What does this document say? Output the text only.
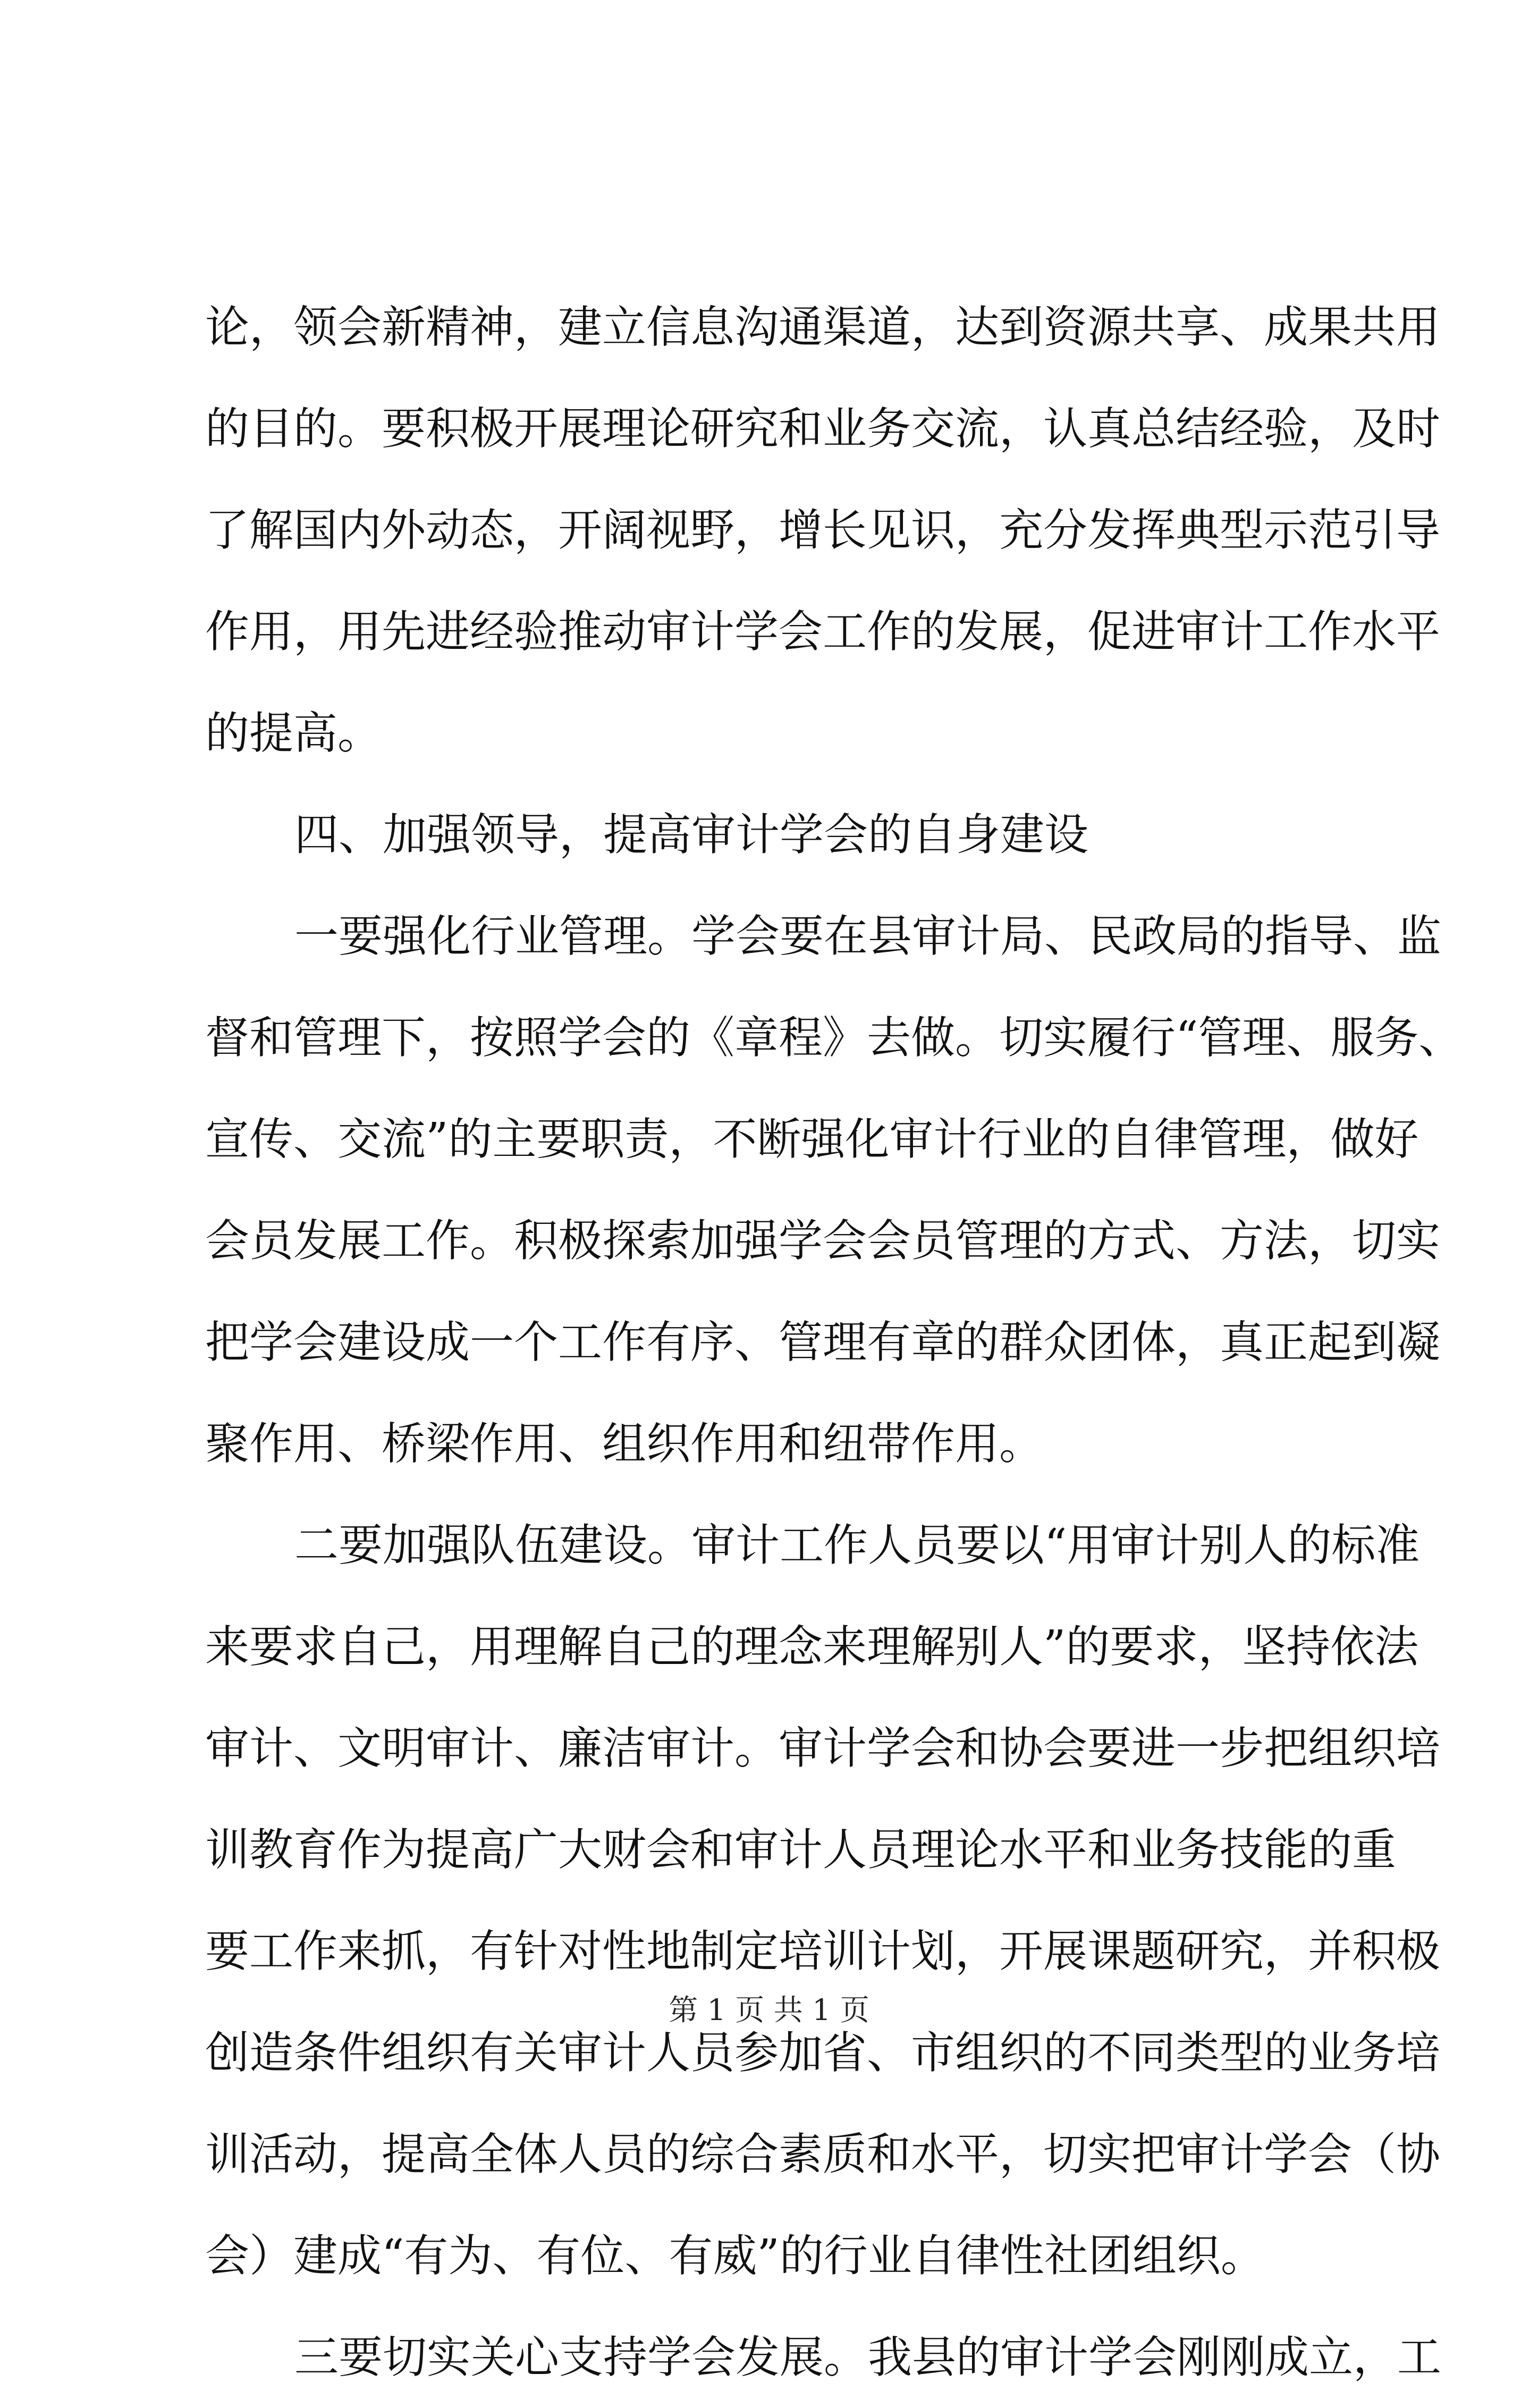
论，领会新精神，建立信息沟通渠道，达到资源共享、成果共用
的目的。要积极开展理论研究和业务交流，认真总结经验，及时
了解国内外动态，开阔视野，增长见识，充分发挥典型示范引导
作用，用先进经验推动审计学会工作的发展，促进审计工作水平
的提高。
四、加强领导，提高审计学会的自身建设
一要强化行业管理。学会要在县审计局、民政局的指导、监
督和管理下，按照学会的《章程》去做。切实履行“管理、服务、
宣传、交流”的主要职责，不断强化审计行业的自律管理，做好
会员发展工作。积极探索加强学会会员管理的方式、方法，切实
把学会建设成一个工作有序、管理有章的群众团体，真正起到凝
聚作用、桥梁作用、组织作用和纽带作用。
二要加强队伍建设。审计工作人员要以“用审计别人的标准
来要求自己，用理解自己的理念来理解别人”的要求，坚持依法
审计、文明审计、廉洁审计。审计学会和协会要进一步把组织培
训教育作为提高广大财会和审计人员理论水平和业务技能的重
要工作来抓，有针对性地制定培训计划，开展课题研究，并积极
创造条件组织有关审计人员参加省、市组织的不同类型的业务培
训活动，提高全体人员的综合素质和水平，切实把审计学会（协
会）建成“有为、有位、有威”的行业自律性社团组织。
三要切实关心支持学会发展。我县的审计学会刚刚成立，工
第 1 页 共 1 页
